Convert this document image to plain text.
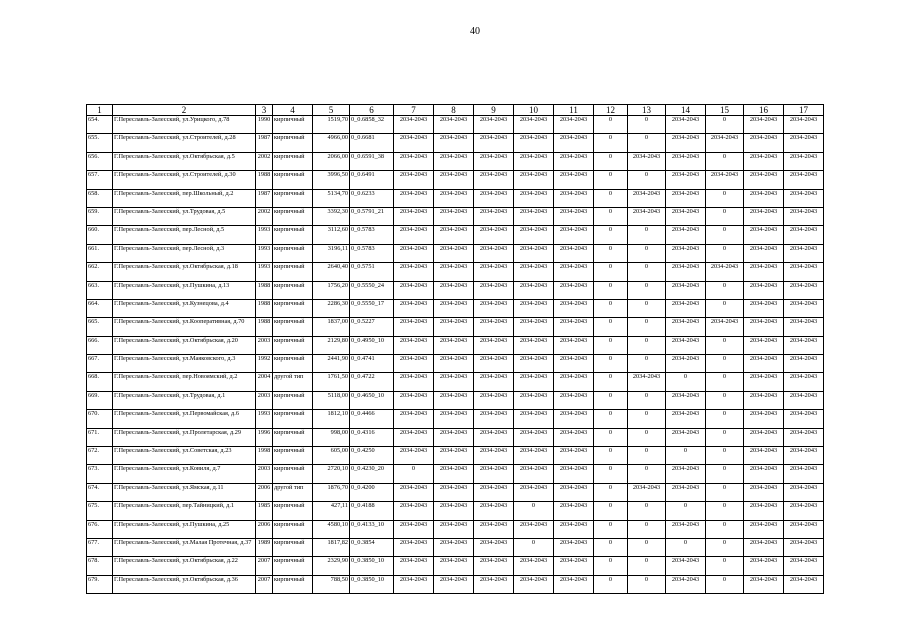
40
1	2	3	4	5	6	7	8	9	10	11	12	13	14	15	16	17
654.	Г.Переславль-Залесский, ул.Урицкого, д.78	1990	кирпичный	1519,70	0_0.6858_32	2034-2043	2034-2043	2034-2043	2034-2043	2034-2043	0	0	2034-2043	0	2034-2043	2034-2043
655.	Г.Переславль-Залесский, ул.Строителей, д.28	1987	кирпичный	4966,00	0_0.6681	2034-2043	2034-2043	2034-2043	2034-2043	2034-2043	0	0	2034-2043	2034-2043	2034-2043	2034-2043
656.	Г.Переславль-Залесский, ул.Октябрьская, д.5	2002	кирпичный	2066,00	0_0.6591_38	2034-2043	2034-2043	2034-2043	2034-2043	2034-2043	0	2034-2043	2034-2043	0	2034-2043	2034-2043
657.	Г.Переславль-Залесский, ул.Строителей, д.30	1988	кирпичный	3996,50	0_0.6491	2034-2043	2034-2043	2034-2043	2034-2043	2034-2043	0	0	2034-2043	2034-2043	2034-2043	2034-2043
658.	Г.Переславль-Залесский, пер.Школьный, д.2	1987	кирпичный	5134,70	0_0.6233	2034-2043	2034-2043	2034-2043	2034-2043	2034-2043	0	2034-2043	2034-2043	0	2034-2043	2034-2043
659.	Г.Переславль-Залесский, ул.Трудовая, д.5	2002	кирпичный	3392,30	0_0.5791_21	2034-2043	2034-2043	2034-2043	2034-2043	2034-2043	0	2034-2043	2034-2043	0	2034-2043	2034-2043
660.	Г.Переславль-Залесский, пер.Лесной, д.5	1993	кирпичный	3112,60	0_0.5783	2034-2043	2034-2043	2034-2043	2034-2043	2034-2043	0	0	2034-2043	0	2034-2043	2034-2043
661.	Г.Переславль-Залесский, пер.Лесной, д.3	1993	кирпичный	3196,11	0_0.5783	2034-2043	2034-2043	2034-2043	2034-2043	2034-2043	0	0	2034-2043	0	2034-2043	2034-2043
662.	Г.Переславль-Залесский, ул.Октябрьская, д.18	1993	кирпичный	2640,40	0_0.5751	2034-2043	2034-2043	2034-2043	2034-2043	2034-2043	0	0	2034-2043	2034-2043	2034-2043	2034-2043
663.	Г.Переславль-Залесский, ул.Пушкина, д.13	1988	кирпичный	1756,20	0_0.5550_24	2034-2043	2034-2043	2034-2043	2034-2043	2034-2043	0	0	2034-2043	0	2034-2043	2034-2043
664.	Г.Переславль-Залесский, ул.Кузнецова, д.4	1988	кирпичный	2286,30	0_0.5550_17	2034-2043	2034-2043	2034-2043	2034-2043	2034-2043	0	0	2034-2043	0	2034-2043	2034-2043
665.	Г.Переславль-Залесский, ул.Кооперативная, д.70	1988	кирпичный	1837,00	0_0.5227	2034-2043	2034-2043	2034-2043	2034-2043	2034-2043	0	0	2034-2043	2034-2043	2034-2043	2034-2043
666.	Г.Переславль-Залесский, ул.Октябрьская, д.20	2003	кирпичный	2129,80	0_0.4950_10	2034-2043	2034-2043	2034-2043	2034-2043	2034-2043	0	0	2034-2043	0	2034-2043	2034-2043
667.	Г.Переславль-Залесский, ул.Маяковского, д.3	1992	кирпичный	2441,90	0_0.4741	2034-2043	2034-2043	2034-2043	2034-2043	2034-2043	0	0	2034-2043	0	2034-2043	2034-2043
668.	Г.Переславль-Залесский, пер.Новоямский, д.2	2004	другой тип	1761,50	0_0.4722	2034-2043	2034-2043	2034-2043	2034-2043	2034-2043	0	2034-2043	0	0	2034-2043	2034-2043
669.	Г.Переславль-Залесский, ул.Трудовая, д.1	2003	кирпичный	5118,00	0_0.4650_10	2034-2043	2034-2043	2034-2043	2034-2043	2034-2043	0	0	2034-2043	0	2034-2043	2034-2043
670.	Г.Переславль-Залесский, ул.Первомайская, д.6	1993	кирпичный	1812,10	0_0.4466	2034-2043	2034-2043	2034-2043	2034-2043	2034-2043	0	0	2034-2043	0	2034-2043	2034-2043
671.	Г.Переславль-Залесский, ул.Пролетарская, д.29	1996	кирпичный	998,00	0_0.4316	2034-2043	2034-2043	2034-2043	2034-2043	2034-2043	0	0	2034-2043	0	2034-2043	2034-2043
672.	Г.Переславль-Залесский, ул.Советская, д.23	1998	кирпичный	605,00	0_0.4250	2034-2043	2034-2043	2034-2043	2034-2043	2034-2043	0	0	0	0	2034-2043	2034-2043
673.	Г.Переславль-Залесский, ул.Ковиля, д.7	2003	кирпичный	2720,10	0_0.4230_20	0	2034-2043	2034-2043	2034-2043	2034-2043	0	0	2034-2043	0	2034-2043	2034-2043
674.	Г.Переславль-Залесский, ул.Ямская, д.11	2006	другой тип	1876,70	0_0.4200	2034-2043	2034-2043	2034-2043	2034-2043	2034-2043	0	2034-2043	2034-2043	0	2034-2043	2034-2043
675.	Г.Переславль-Залесский, пер.Тайницкий, д.1	1985	кирпичный	427,11	0_0.4188	2034-2043	2034-2043	2034-2043	0	2034-2043	0	0	0	0	2034-2043	2034-2043
676.	Г.Переславль-Залесский, ул.Пушкина, д.25	2006	кирпичный	4580,10	0_0.4133_10	2034-2043	2034-2043	2034-2043	2034-2043	2034-2043	0	0	2034-2043	0	2034-2043	2034-2043
677.	Г.Переславль-Залесский, ул.Малая Протечная, д.37	1989	кирпичный	1817,82	0_0.3854	2034-2043	2034-2043	2034-2043	0	2034-2043	0	0	0	0	2034-2043	2034-2043
678.	Г.Переславль-Залесский, ул.Октябрьская, д.22	2007	кирпичный	2329,90	0_0.3850_10	2034-2043	2034-2043	2034-2043	2034-2043	2034-2043	0	0	2034-2043	0	2034-2043	2034-2043
679.	Г.Переславль-Залесский, ул.Октябрьская, д.36	2007	кирпичный	788,50	0_0.3850_10	2034-2043	2034-2043	2034-2043	2034-2043	2034-2043	0	0	2034-2043	0	2034-2043	2034-2043
